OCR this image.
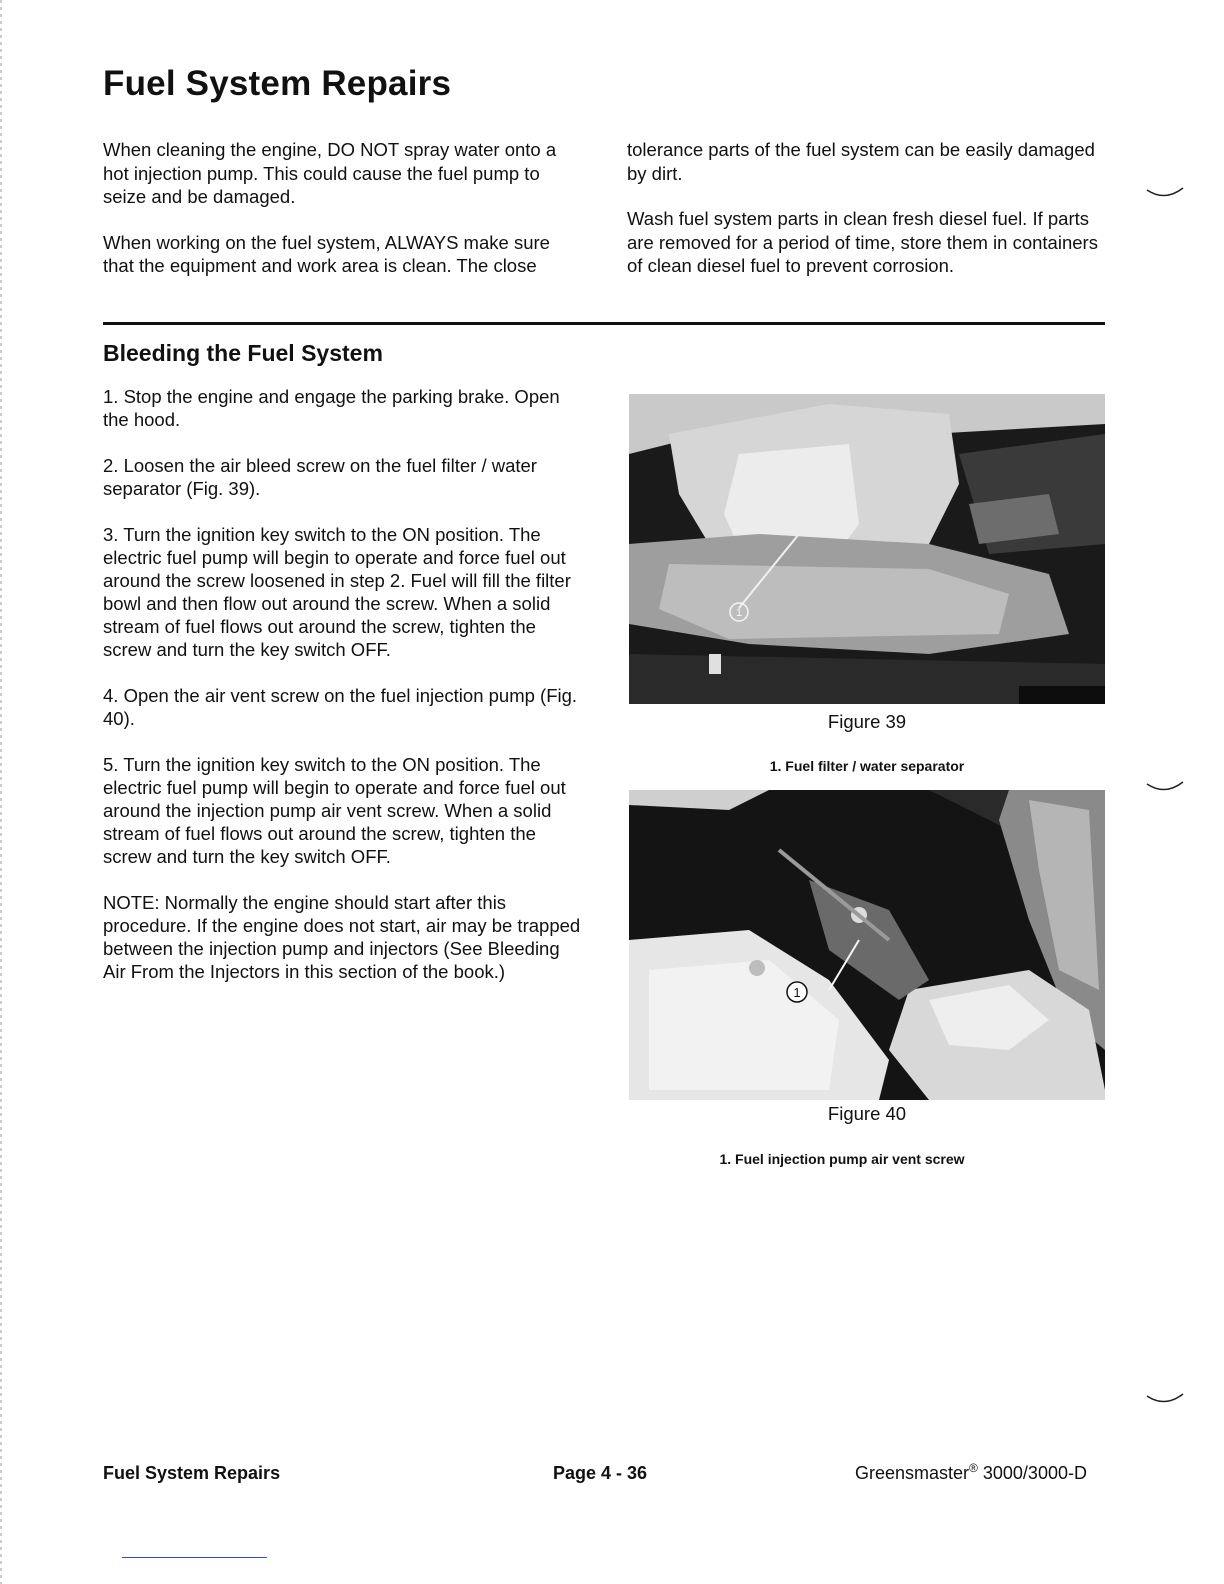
Fuel System Repairs

When cleaning the engine, DO NOT spray water onto a hot injection pump. This could cause the fuel pump to seize and be damaged.

When working on the fuel system, ALWAYS make sure that the equipment and work area is clean. The close

tolerance parts of the fuel system can be easily damaged by dirt.

Wash fuel system parts in clean fresh diesel fuel. If parts are removed for a period of time, store them in containers of clean diesel fuel to prevent corrosion.

Bleeding the Fuel System

1. Stop the engine and engage the parking brake. Open the hood.

2. Loosen the air bleed screw on the fuel filter / water separator (Fig. 39).

3. Turn the ignition key switch to the ON position. The electric fuel pump will begin to operate and force fuel out around the screw loosened in step 2. Fuel will fill the filter bowl and then flow out around the screw. When a solid stream of fuel flows out around the screw, tighten the screw and turn the key switch OFF.

4. Open the air vent screw on the fuel injection pump (Fig. 40).

5. Turn the ignition key switch to the ON position. The electric fuel pump will begin to operate and force fuel out around the injection pump air vent screw. When a solid stream of fuel flows out around the screw, tighten the screw and turn the key switch OFF.

NOTE: Normally the engine should start after this procedure. If the engine does not start, air may be trapped between the injection pump and injectors (See Bleeding Air From the Injectors in this section of the book.)

1
Figure 39
1. Fuel filter / water separator
1
Figure 40
1. Fuel injection pump air vent screw
Fuel System Repairs	Page 4 - 36	Greensmaster® 3000/3000-D
